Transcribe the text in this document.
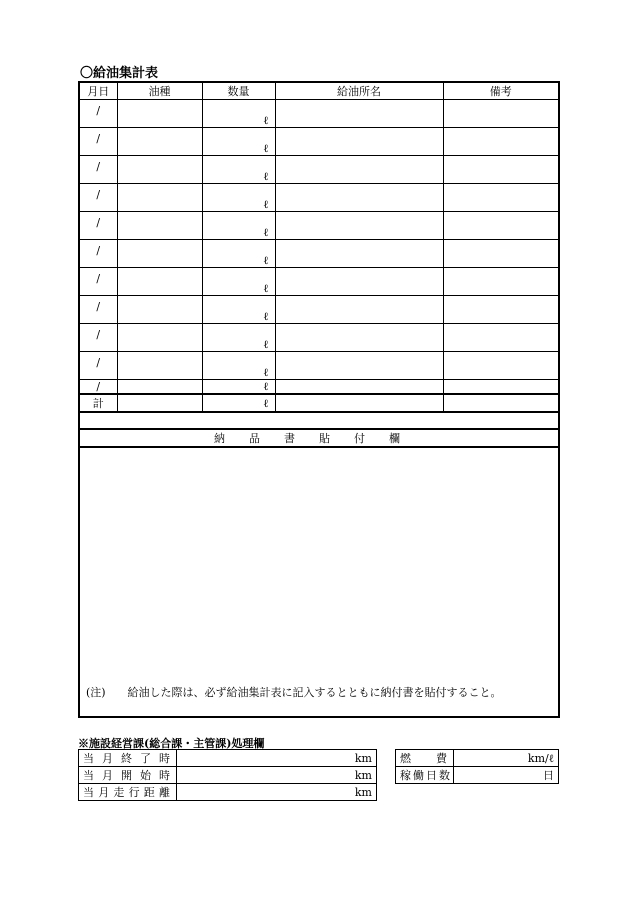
〇給油集計表
月日	油種	数量	給油所名	備考
/		ℓ		
/		ℓ		
/		ℓ		
/		ℓ		
/		ℓ		
/		ℓ		
/		ℓ		
/		ℓ		
/		ℓ		
/		ℓ		
/		ℓ		
計		ℓ		

納品書貼付欄				

(注) 給油した際は、必ず給油集計表に記入するとともに納付書を貼付すること。
※施設経営課(総合課・主管課)処理欄
当月終了時	km
当月開始時	km
当月走行距離	km
燃費	km/ℓ
稼働日数	日
